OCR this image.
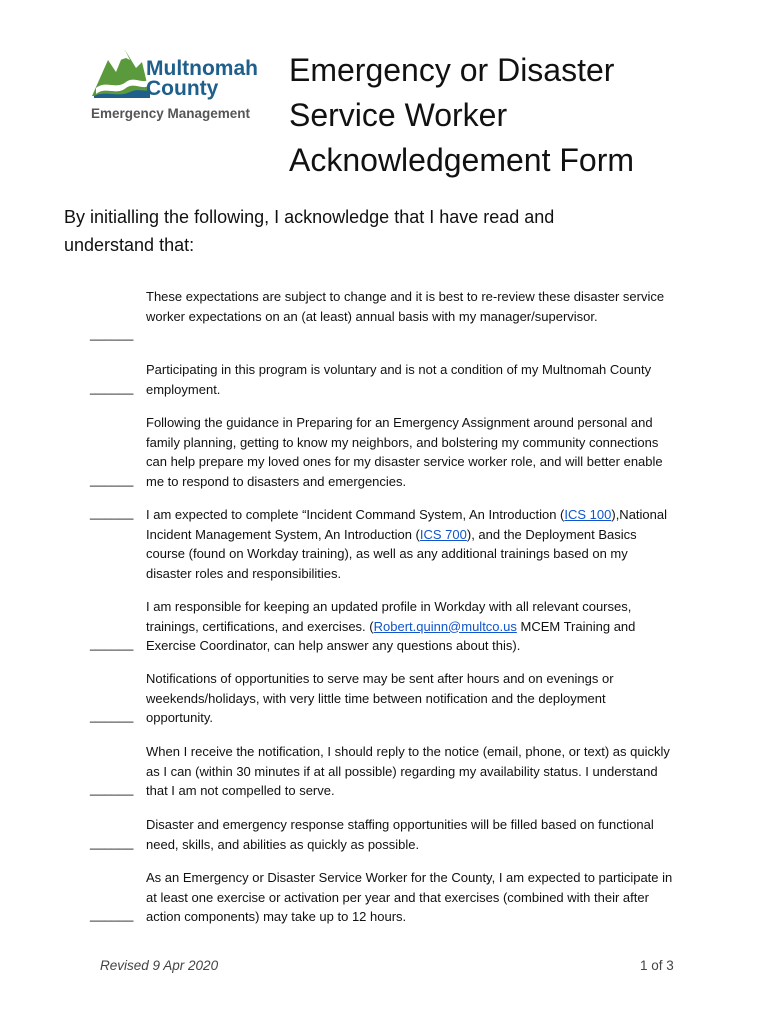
Multnomah
County
Emergency Management
Emergency or Disaster
Service Worker
Acknowledgement Form
By initialling the following, I acknowledge that I have read and understand that:
These expectations are subject to change and it is best to re-review these disaster service worker expectations on an (at least) annual basis with my manager/supervisor.
______
Participating in this program is voluntary and is not a condition of my Multnomah County employment.
______
Following the guidance in Preparing for an Emergency Assignment around personal and family planning, getting to know my neighbors, and bolstering my community connections can help prepare my loved ones for my disaster service worker role, and will better enable me to respond to disasters and emergencies.
______
I am expected to complete “Incident Command System, An Introduction (ICS 100),National Incident Management System, An Introduction (ICS 700), and the Deployment Basics course (found on Workday training), as well as any additional trainings based on my disaster roles and responsibilities.
______
I am responsible for keeping an updated profile in Workday with all relevant courses, trainings, certifications, and exercises. (Robert.quinn@multco.us MCEM Training and Exercise Coordinator, can help answer any questions about this).
______
Notifications of opportunities to serve may be sent after hours and on evenings or weekends/holidays, with very little time between notification and the deployment opportunity.
______
When I receive the notification, I should reply to the notice (email, phone, or text) as quickly as I can (within 30 minutes if at all possible) regarding my availability status. I understand that I am not compelled to serve.
______
Disaster and emergency response staffing opportunities will be filled based on functional need, skills, and abilities as quickly as possible.
______
As an Emergency or Disaster Service Worker for the County, I am expected to participate in at least one exercise or activation per year and that exercises (combined with their after action components) may take up to 12 hours.
______
Revised 9 Apr 2020	1 of 3
